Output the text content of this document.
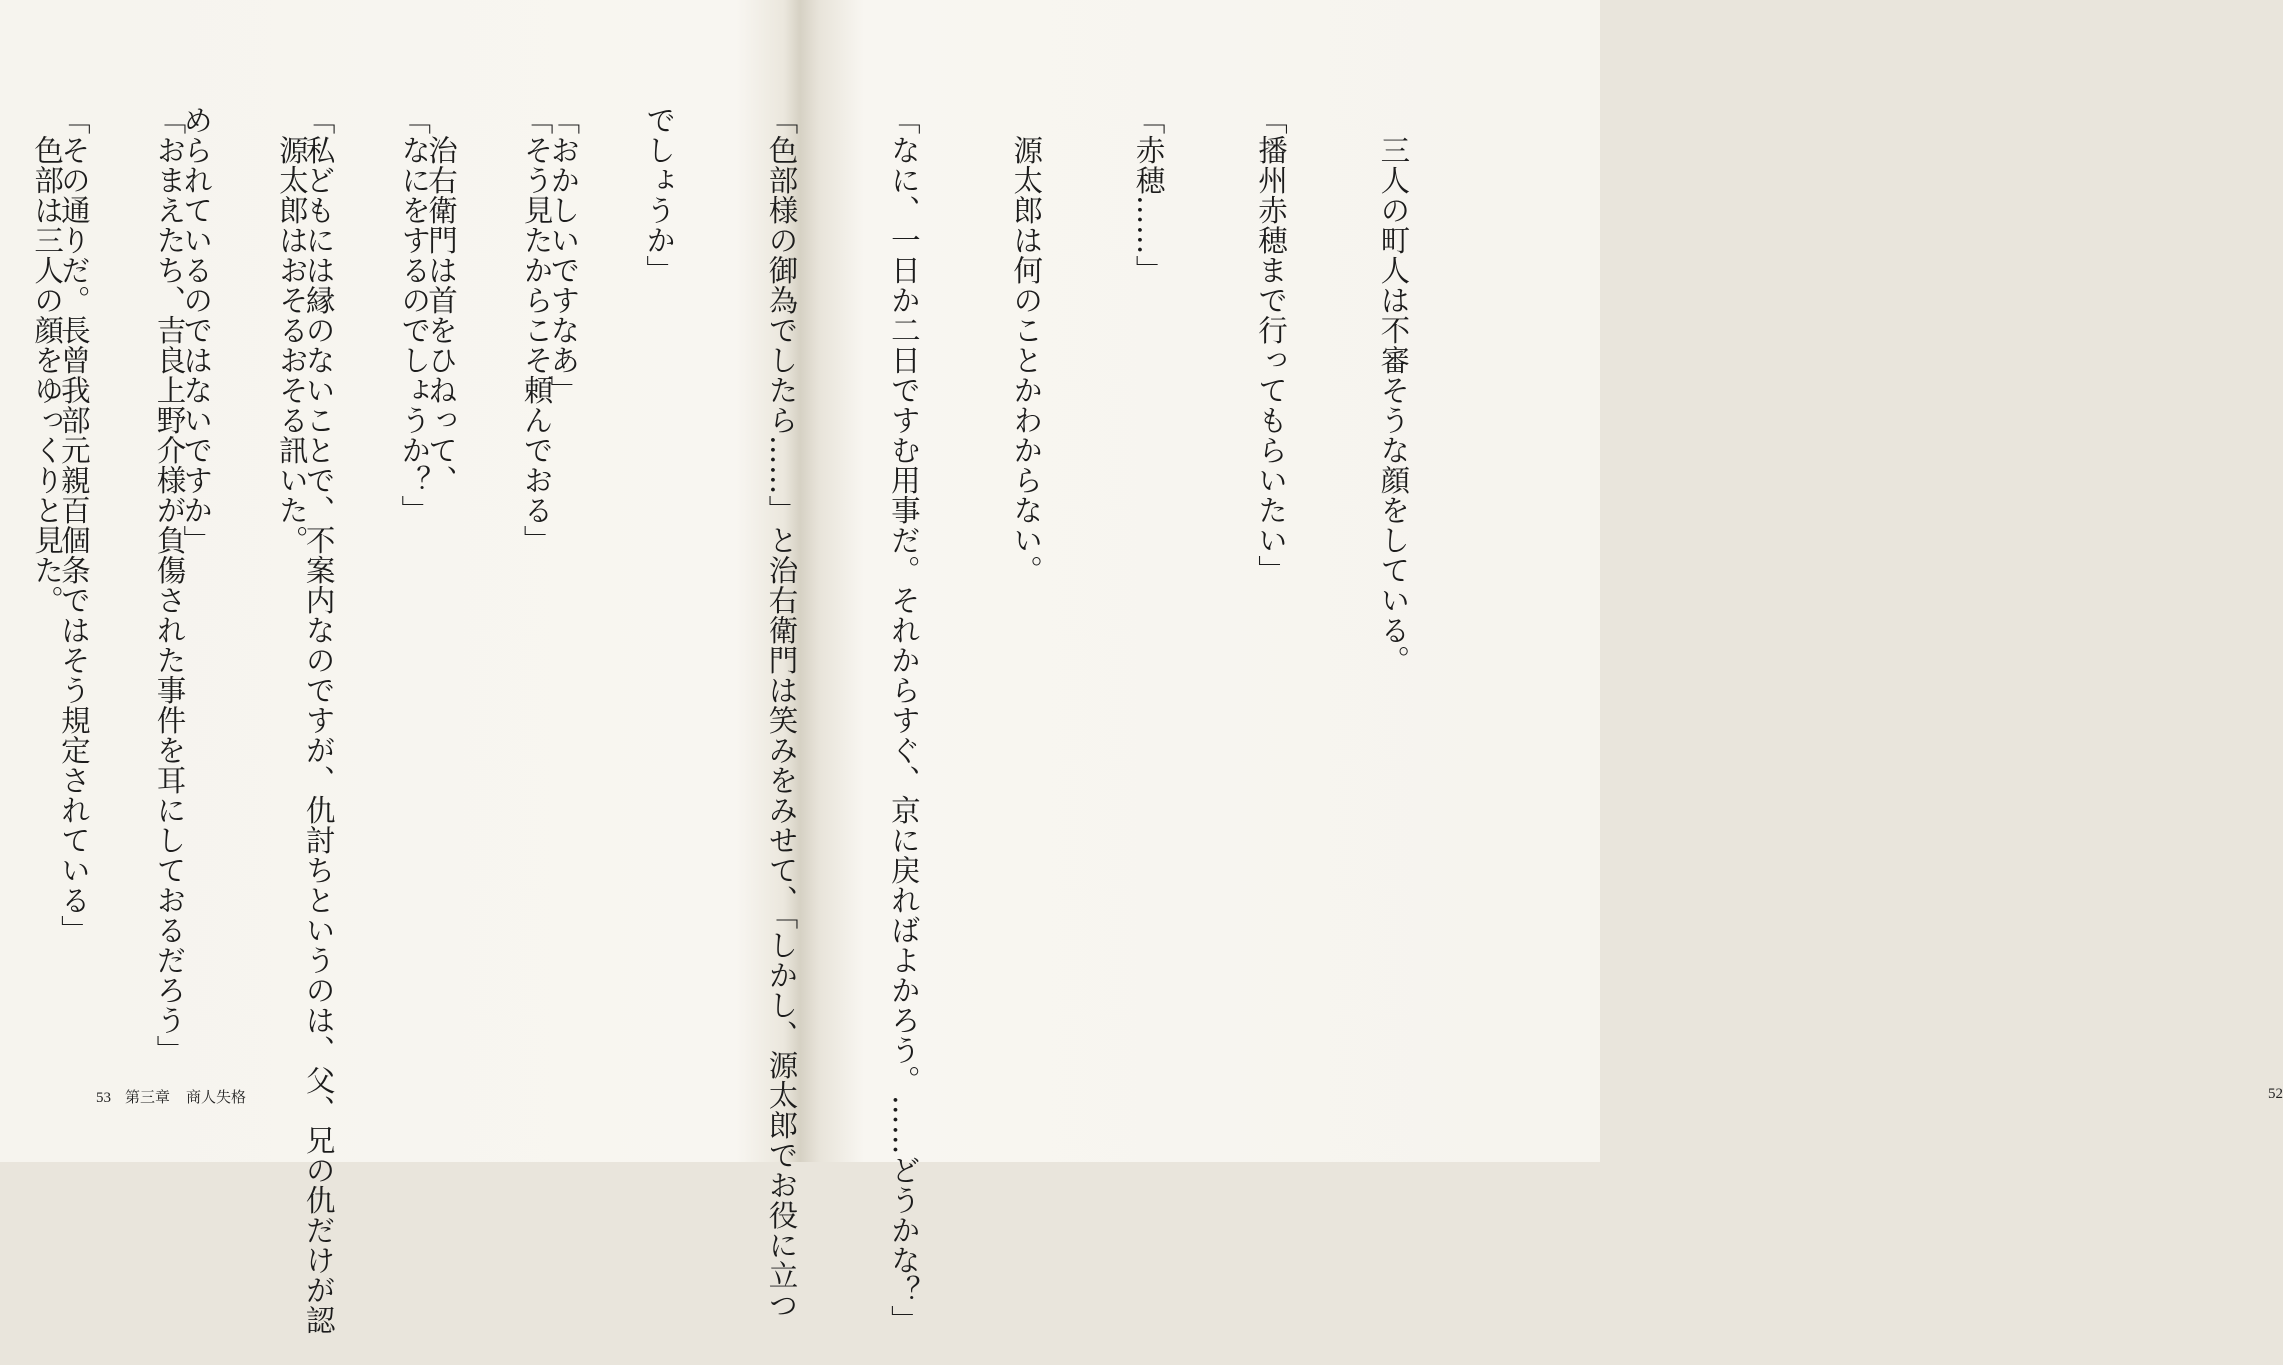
「おかしいですなあ」

　治右衛門は首をひねって、

「私どもには縁のないことで、不案内なのですが、仇討ちというのは、父、兄の仇だけが認

められているのではないですか」

「その通りだ。長曾我部元親百個条ではそう規定されている」

53 第三章 商人失格

　三人の町人は不審そうな顔をしている。

「播州赤穂まで行ってもらいたい」

「赤穂……」

　源太郎は何のことかわからない。

「なに、一日か二日ですむ用事だ。それからすぐ、京に戻ればよかろう。……どうかな？」

「色部様の御為でしたら……」と治右衛門は笑みをみせて、「しかし、源太郎でお役に立つ

でしょうか」

「そう見たからこそ頼んでおる」

「なにをするのでしょうか？」

　源太郎はおそるおそる訊いた。

「おまえたち、吉良上野介様が負傷された事件を耳にしておるだろう」

　色部は三人の顔をゆっくりと見た。

52
